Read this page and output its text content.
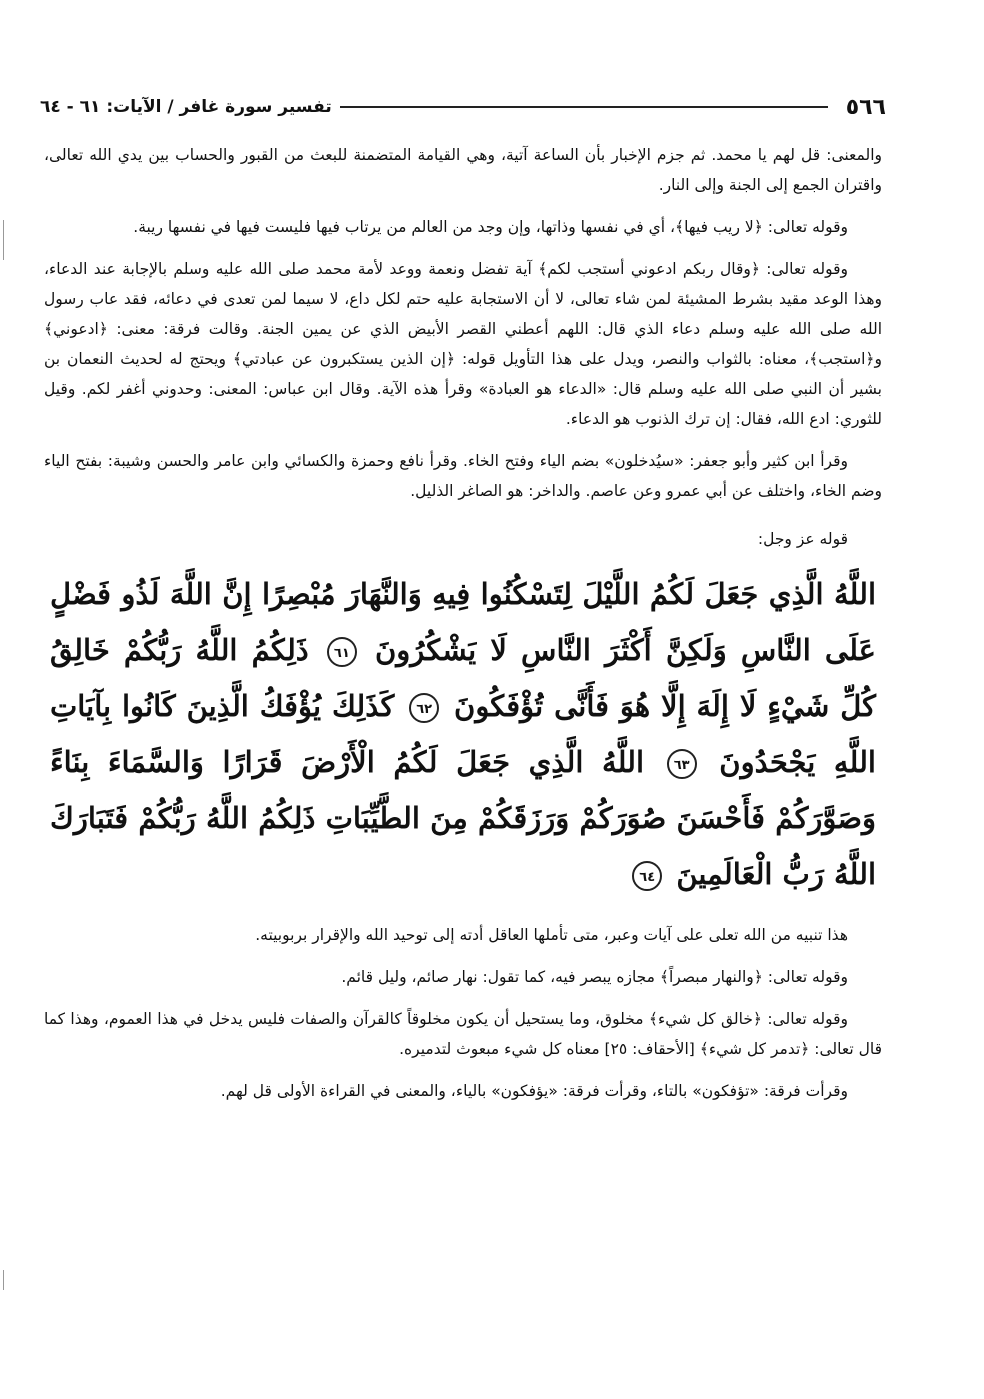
٥٦٦
تفسير سورة غافر / الآيات: ٦١ - ٦٤

والمعنى: قل لهم يا محمد. ثم جزم الإخبار بأن الساعة آتية، وهي القيامة المتضمنة للبعث من القبور والحساب بين يدي الله تعالى، واقتران الجمع إلى الجنة وإلى النار.

وقوله تعالى: ﴿لا ريب فيها﴾، أي في نفسها وذاتها، وإن وجد من العالم من يرتاب فيها فليست فيها في نفسها ريبة.

وقوله تعالى: ﴿وقال ربكم ادعوني أستجب لكم﴾ آية تفضل ونعمة ووعد لأمة محمد صلى الله عليه وسلم بالإجابة عند الدعاء، وهذا الوعد مقيد بشرط المشيئة لمن شاء تعالى، لا أن الاستجابة عليه حتم لكل داع، لا سيما لمن تعدى في دعائه، فقد عاب رسول الله صلى الله عليه وسلم دعاء الذي قال: اللهم أعطني القصر الأبيض الذي عن يمين الجنة. وقالت فرقة: معنى: ﴿ادعوني﴾ و﴿استجب﴾، معناه: بالثواب والنصر، ويدل على هذا التأويل قوله: ﴿إن الذين يستكبرون عن عبادتي﴾ ويحتج له لحديث النعمان بن بشير أن النبي صلى الله عليه وسلم قال: «الدعاء هو العبادة» وقرأ هذه الآية. وقال ابن عباس: المعنى: وحدوني أغفر لكم. وقيل للثوري: ادع الله، فقال: إن ترك الذنوب هو الدعاء.

وقرأ ابن كثير وأبو جعفر: «سيُدخلون» بضم الياء وفتح الخاء. وقرأ نافع وحمزة والكسائي وابن عامر والحسن وشيبة: بفتح الياء وضم الخاء، واختلف عن أبي عمرو وعن عاصم. والداخر: هو الصاغر الذليل.

قوله عز وجل:

اللَّهُ الَّذِي جَعَلَ لَكُمُ اللَّيْلَ لِتَسْكُنُوا فِيهِ وَالنَّهَارَ مُبْصِرًا إِنَّ اللَّهَ لَذُو فَضْلٍ عَلَى النَّاسِ وَلَكِنَّ أَكْثَرَ النَّاسِ لَا يَشْكُرُونَ ٦١ ذَلِكُمُ اللَّهُ رَبُّكُمْ خَالِقُ كُلِّ شَيْءٍ لَا إِلَهَ إِلَّا هُوَ فَأَنَّى تُؤْفَكُونَ ٦٢ كَذَلِكَ يُؤْفَكُ الَّذِينَ كَانُوا بِآيَاتِ اللَّهِ يَجْحَدُونَ ٦٣ اللَّهُ الَّذِي جَعَلَ لَكُمُ الْأَرْضَ قَرَارًا وَالسَّمَاءَ بِنَاءً وَصَوَّرَكُمْ فَأَحْسَنَ صُوَرَكُمْ وَرَزَقَكُمْ مِنَ الطَّيِّبَاتِ ذَلِكُمُ اللَّهُ رَبُّكُمْ فَتَبَارَكَ اللَّهُ رَبُّ الْعَالَمِينَ ٦٤

هذا تنبيه من الله تعلى على آيات وعبر، متى تأملها العاقل أدته إلى توحيد الله والإقرار بربوبيته.

وقوله تعالى: ﴿والنهار مبصراً﴾ مجازه يبصر فيه، كما تقول: نهار صائم، وليل قائم.

وقوله تعالى: ﴿خالق كل شيء﴾ مخلوق، وما يستحيل أن يكون مخلوقاً كالقرآن والصفات فليس يدخل في هذا العموم، وهذا كما قال تعالى: ﴿تدمر كل شيء﴾ [الأحقاف: ٢٥] معناه كل شيء مبعوث لتدميره.

وقرأت فرقة: «تؤفكون» بالتاء، وقرأت فرقة: «يؤفكون» بالياء، والمعنى في القراءة الأولى قل لهم.
